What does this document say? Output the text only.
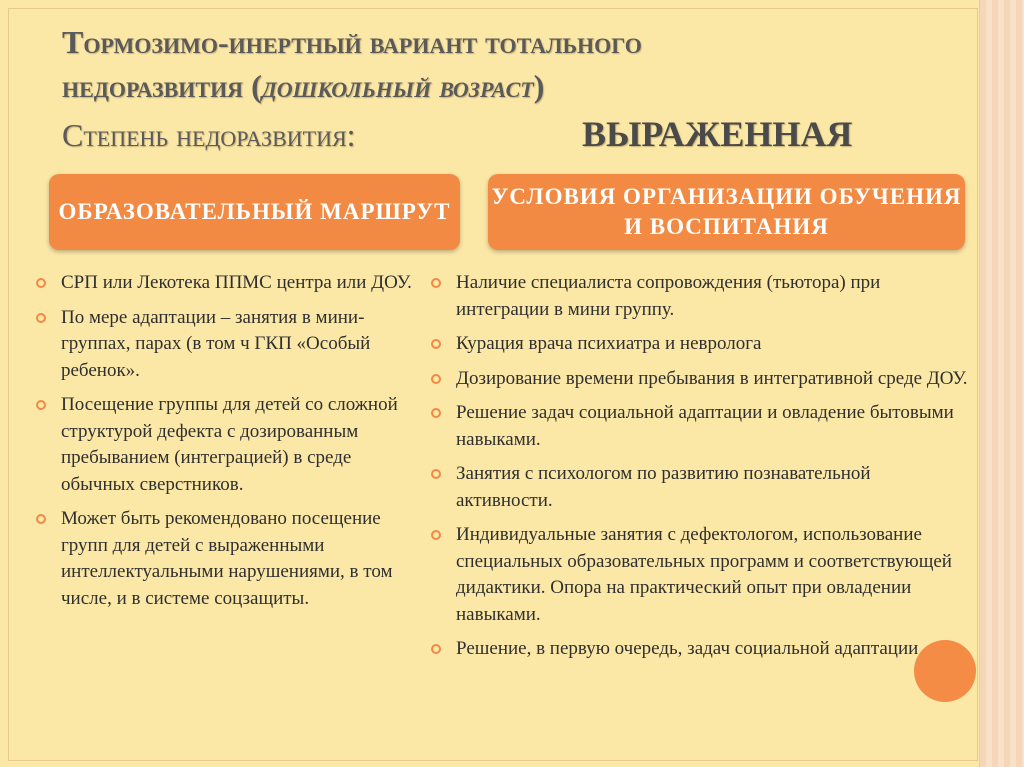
Тормозимо-инертный вариант тотального
недоразвития (дошкольный возраст)
Степень недоразвития:	ВЫРАЖЕННАЯ
ОБРАЗОВАТЕЛЬНЫЙ МАРШРУТ
УСЛОВИЯ ОРГАНИЗАЦИИ ОБУЧЕНИЯ И ВОСПИТАНИЯ
СРП или Лекотека ППМС центра или ДОУ.
По мере адаптации – занятия в мини-группах, парах (в том ч ГКП «Особый ребенок».
Посещение группы для детей со сложной структурой дефекта с дозированным пребыванием (интеграцией) в среде обычных сверстников.
Может быть рекомендовано посещение групп для детей с выраженными интеллектуальными нарушениями, в том числе, и в системе соцзащиты.
Наличие специалиста сопровождения (тьютора) при интеграции в мини группу.
Курация врача психиатра и невролога
Дозирование времени пребывания в интегративной среде ДОУ.
Решение задач социальной адаптации и овладение бытовыми навыками.
Занятия с психологом по развитию познавательной активности.
Индивидуальные занятия с дефектологом, использование специальных образовательных программ и соответствующей дидактики. Опора на практический опыт при овладении навыками.
Решение, в первую очередь, задач социальной адаптации
